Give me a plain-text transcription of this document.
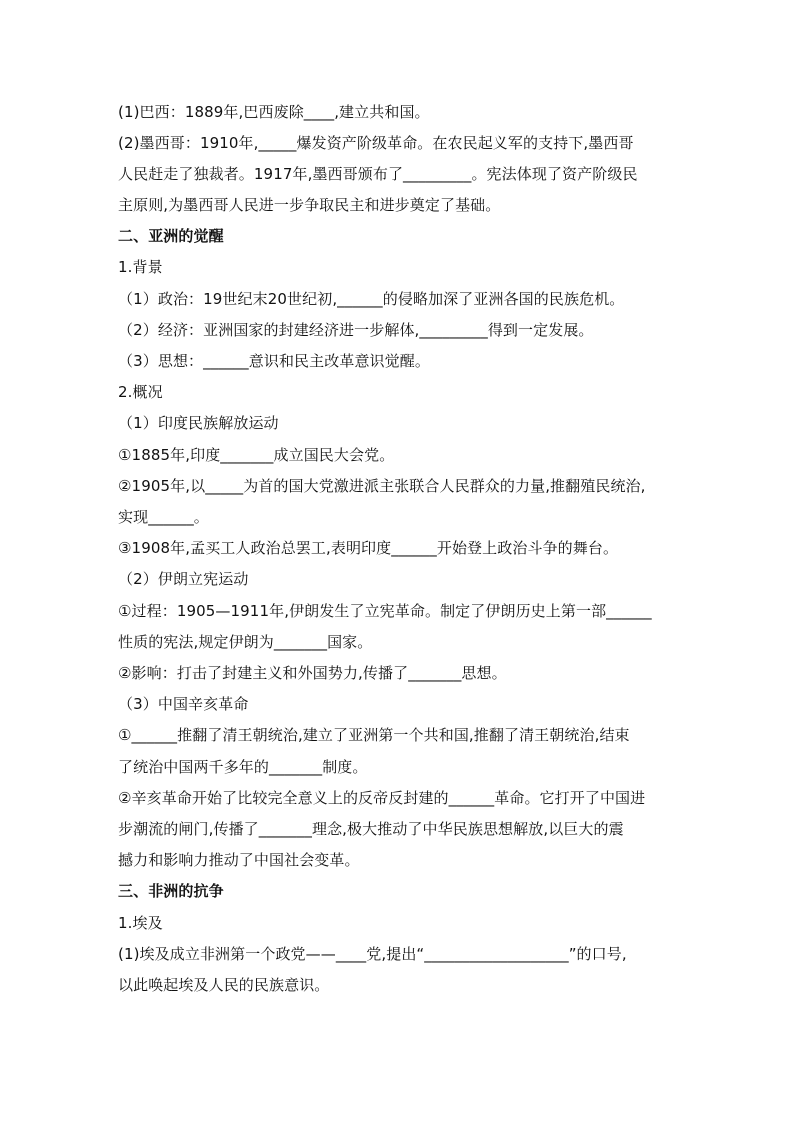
(1)巴西：1889年,巴西废除____,建立共和国。
(2)墨西哥：1910年,_____爆发资产阶级革命。在农民起义军的支持下,墨西哥
人民赶走了独裁者。1917年,墨西哥颁布了_________。宪法体现了资产阶级民
主原则,为墨西哥人民进一步争取民主和进步奠定了基础。
二、亚洲的觉醒
1.背景
（1）政治：19世纪末20世纪初,______的侵略加深了亚洲各国的民族危机。
（2）经济：亚洲国家的封建经济进一步解体,_________得到一定发展。
（3）思想：______意识和民主改革意识觉醒。
2.概况
（1）印度民族解放运动
①1885年,印度_______成立国民大会党。
②1905年,以_____为首的国大党激进派主张联合人民群众的力量,推翻殖民统治,
实现______。
③1908年,孟买工人政治总罢工,表明印度______开始登上政治斗争的舞台。
（2）伊朗立宪运动
①过程：1905—1911年,伊朗发生了立宪革命。制定了伊朗历史上第一部______
性质的宪法,规定伊朗为_______国家。
②影响：打击了封建主义和外国势力,传播了_______思想。
（3）中国辛亥革命
①______推翻了清王朝统治,建立了亚洲第一个共和国,推翻了清王朝统治,结束
了统治中国两千多年的_______制度。
②辛亥革命开始了比较完全意义上的反帝反封建的______革命。它打开了中国进
步潮流的闸门,传播了_______理念,极大推动了中华民族思想解放,以巨大的震
撼力和影响力推动了中国社会变革。
三、非洲的抗争
1.埃及
(1)埃及成立非洲第一个政党——____党,提出“___________________”的口号,
以此唤起埃及人民的民族意识。
